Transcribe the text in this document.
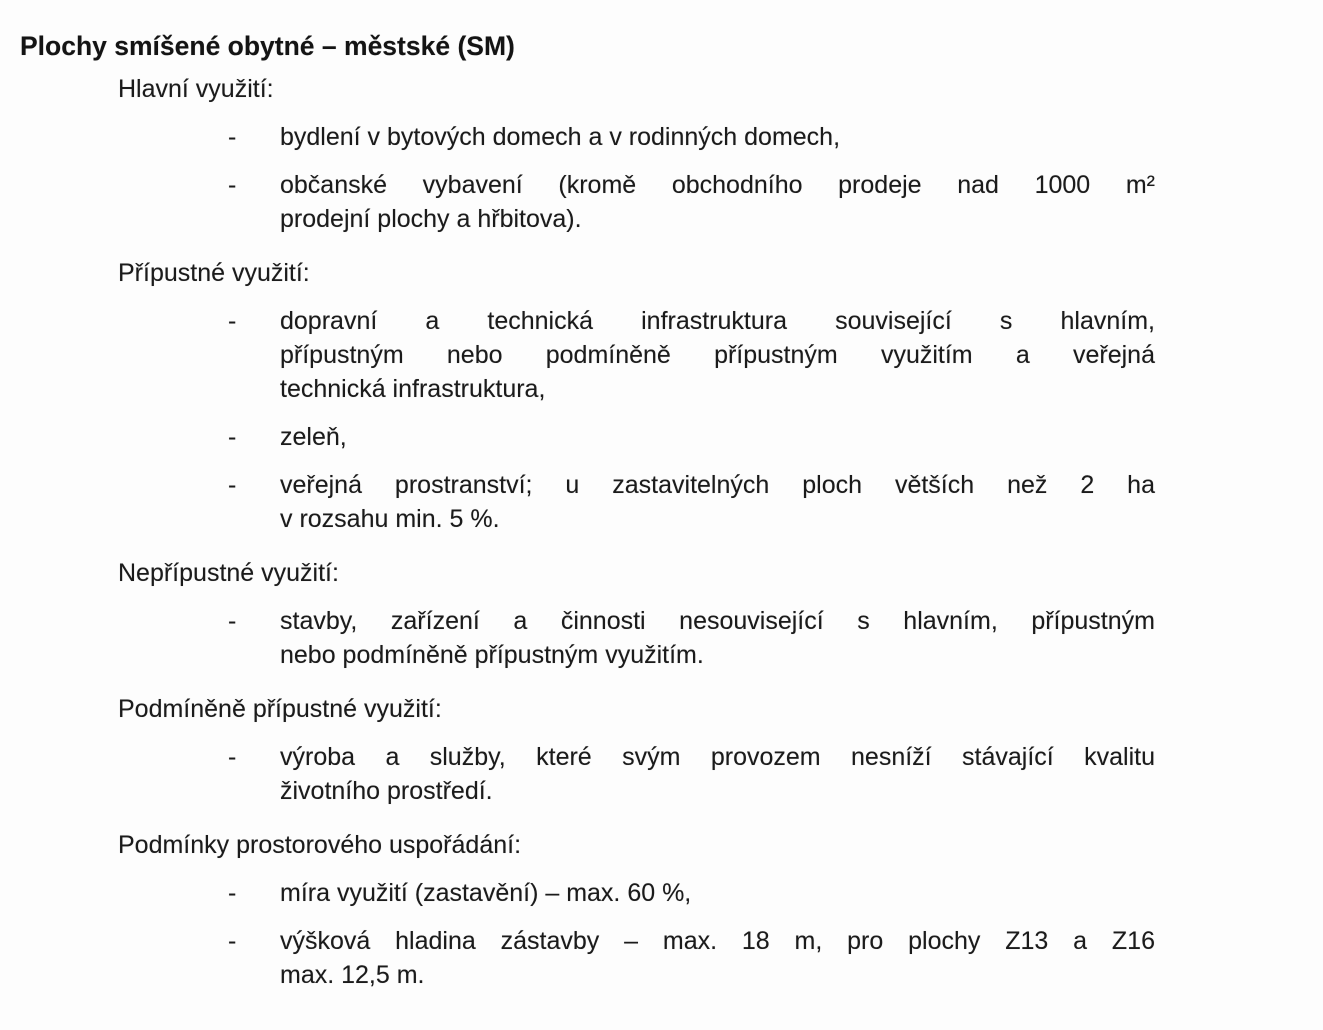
Plochy smíšené obytné – městské (SM)
Hlavní využití:
-	bydlení v bytových domech a v rodinných domech,
-	občanské vybavení (kromě obchodního prodeje nad 1000 m²
prodejní plochy a hřbitova).
Přípustné využití:
-	dopravní a technická infrastruktura související s hlavním,
přípustným nebo podmíněně přípustným využitím a veřejná
technická infrastruktura,
-	zeleň,
-	veřejná prostranství; u zastavitelných ploch větších než 2 ha
v rozsahu min. 5 %.
Nepřípustné využití:
-	stavby, zařízení a činnosti nesouvisející s hlavním, přípustným
nebo podmíněně přípustným využitím.
Podmíněně přípustné využití:
-	výroba a služby, které svým provozem nesníží stávající kvalitu
životního prostředí.
Podmínky prostorového uspořádání:
-	míra využití (zastavění) – max. 60 %,
-	výšková hladina zástavby – max. 18 m, pro plochy Z13 a Z16
max. 12,5 m.
